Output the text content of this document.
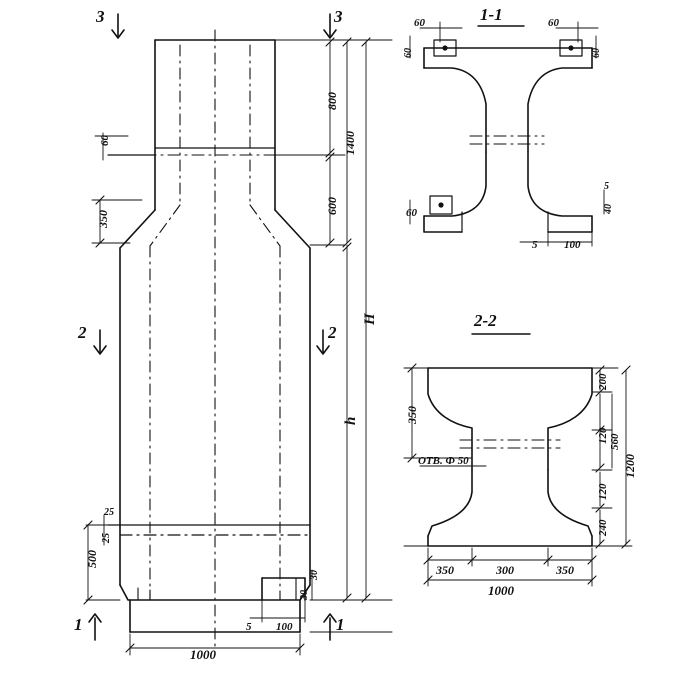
1-1
2-2
3	3
2	2
1	1
800
1400
600
H
h
350
60
500
25
25
1000
5 100
30
30
60	60
60	60
60
5 100
5
40
350
200
120 560
1200
120
240
350	300	350
1000
OTB. Ф 50
